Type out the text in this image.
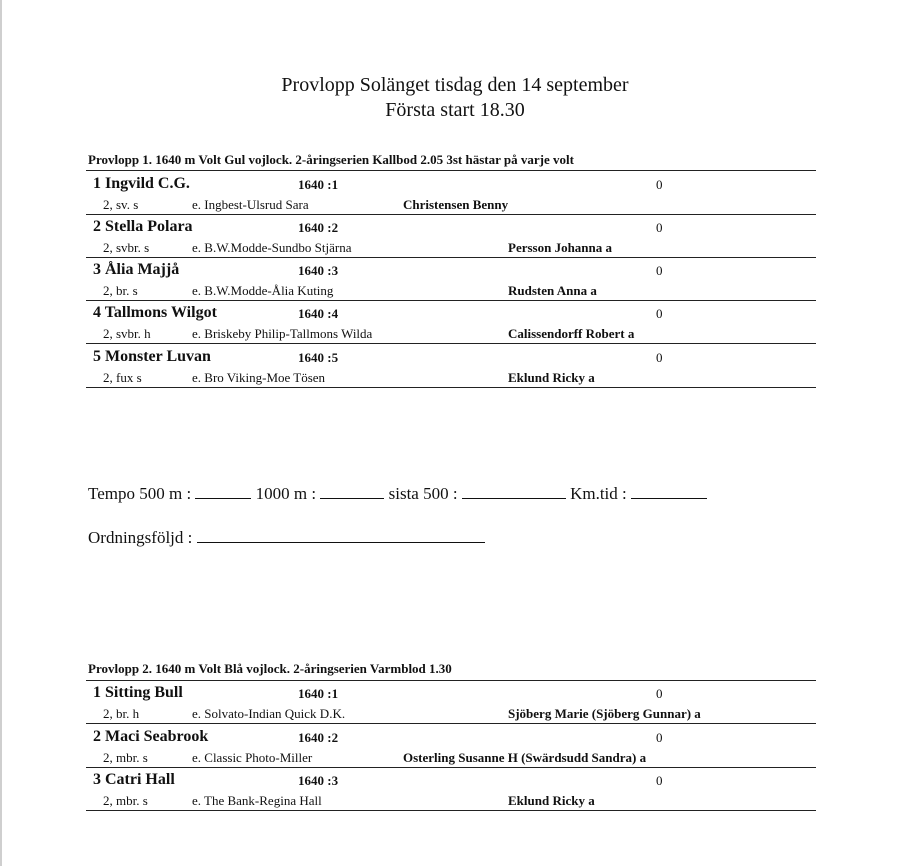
Provlopp Solänget tisdag den 14 september
Första start 18.30
Provlopp 1. 1640 m Volt Gul vojlock. 2-åringserien Kallbod 2.05 3st hästar på varje volt
1 Ingvild C.G.	1640 :1	0
2, sv. s	e. Ingbest-Ulsrud Sara	Christensen Benny
2 Stella Polara	1640 :2	0
2, svbr. s	e. B.W.Modde-Sundbo Stjärna	Persson Johanna a
3 Ålia Majjå	1640 :3	0
2, br. s	e. B.W.Modde-Ålia Kuting	Rudsten Anna a
4 Tallmons Wilgot	1640 :4	0
2, svbr. h	e. Briskeby Philip-Tallmons Wilda	Calissendorff Robert a
5 Monster Luvan	1640 :5	0
2, fux s	e. Bro Viking-Moe Tösen	Eklund Ricky a
Tempo 500 m :	1000 m :	sista 500 :	Km.tid :
Ordningsföljd :
Provlopp 2. 1640 m Volt Blå vojlock. 2-åringserien Varmblod 1.30
1 Sitting Bull	1640 :1	0
2, br. h	e. Solvato-Indian Quick D.K.	Sjöberg Marie (Sjöberg Gunnar) a
2 Maci Seabrook	1640 :2	0
2, mbr. s	e. Classic Photo-Miller	Osterling Susanne H (Swärdsudd Sandra) a
3 Catri Hall	1640 :3	0
2, mbr. s	e. The Bank-Regina Hall	Eklund Ricky a
